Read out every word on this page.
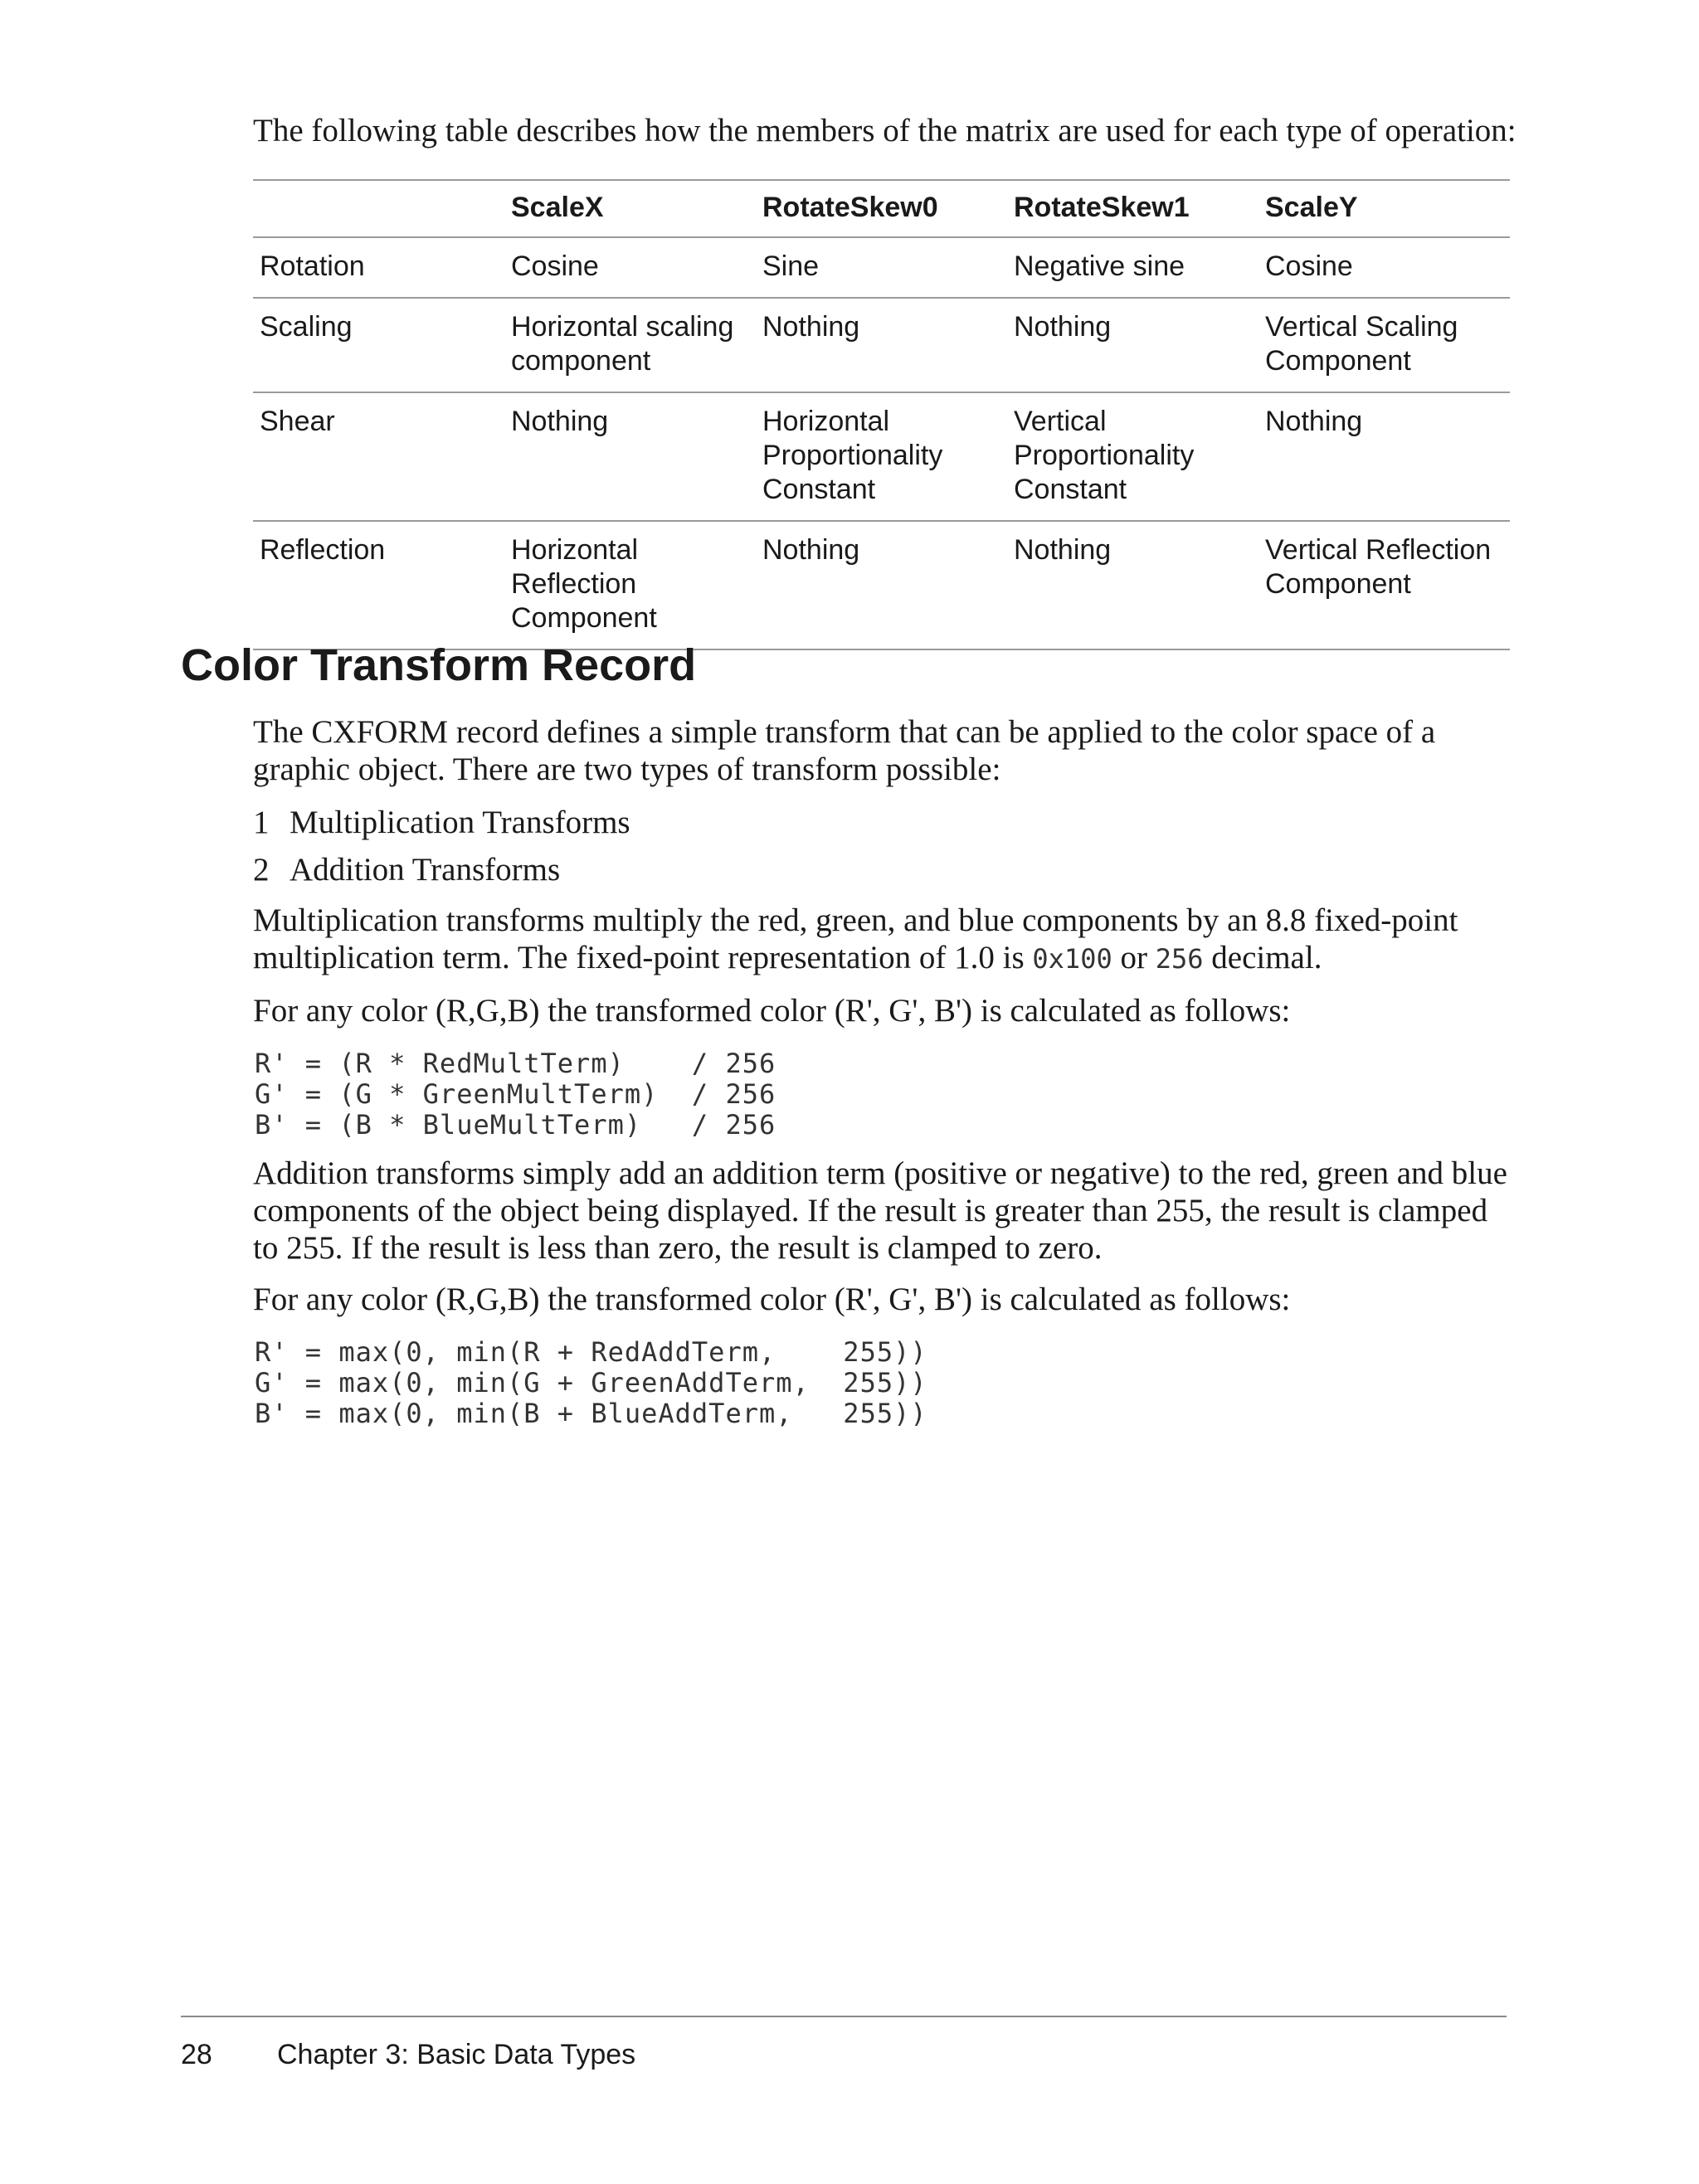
The following table describes how the members of the matrix are used for each type of operation:

	ScaleX	RotateSkew0	RotateSkew1	ScaleY
Rotation	Cosine	Sine	Negative sine	Cosine
Scaling	Horizontal scaling component	Nothing	Nothing	Vertical Scaling Component
Shear	Nothing	Horizontal Proportionality Constant	Vertical Proportionality Constant	Nothing
Reflection	Horizontal Reflection Component	Nothing	Nothing	Vertical Reflection Component
Color Transform Record

The CXFORM record defines a simple transform that can be applied to the color space of a graphic object. There are two types of transform possible:

1 Multiplication Transforms

2 Addition Transforms

Multiplication transforms multiply the red, green, and blue components by an 8.8 fixed-point multiplication term. The fixed-point representation of 1.0 is 0x100 or 256 decimal.

For any color (R,G,B) the transformed color (R', G', B') is calculated as follows:

R' = (R * RedMultTerm)    / 256
G' = (G * GreenMultTerm)  / 256
B' = (B * BlueMultTerm)   / 256

Addition transforms simply add an addition term (positive or negative) to the red, green and blue components of the object being displayed. If the result is greater than 255, the result is clamped to 255. If the result is less than zero, the result is clamped to zero.

For any color (R,G,B) the transformed color (R', G', B') is calculated as follows:

R' = max(0, min(R + RedAddTerm,    255))
G' = max(0, min(G + GreenAddTerm,  255))
B' = max(0, min(B + BlueAddTerm,   255))
28 Chapter 3: Basic Data Types
